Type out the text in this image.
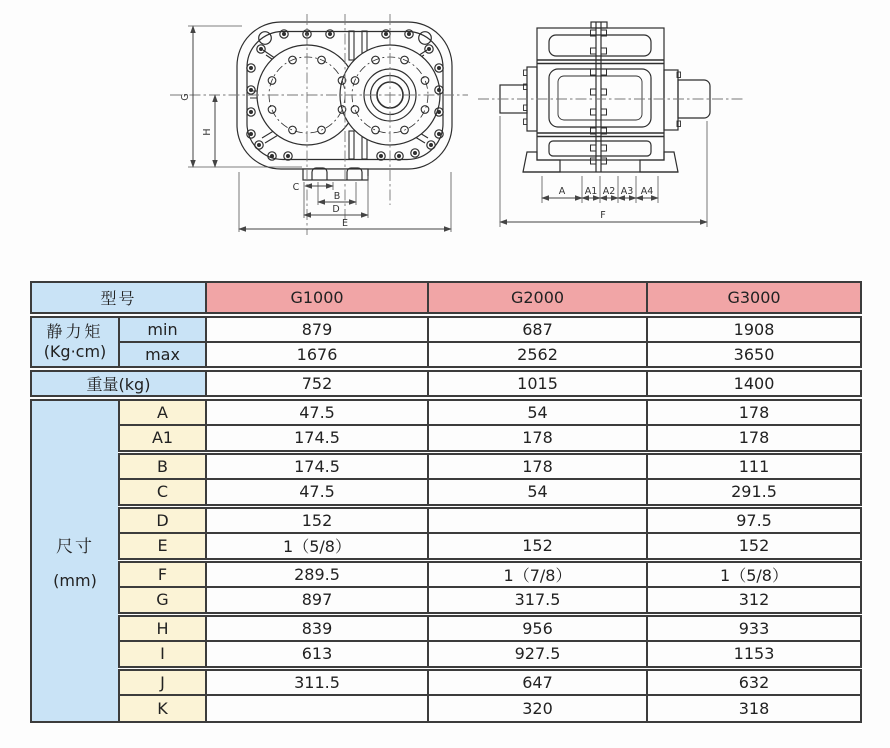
G
H
C
B
D
E
A A1 A2 A3 A4
F
型号		G1000	G2000	G3000

静力矩
(Kg·cm)	min	879	687	1908
	max	1676	2562	3650
重量(kg)		752	1015	1400

尺寸
(mm)	A	47.5	54	178
	A1	174.5	178	178
	B	174.5	178	111
	C	47.5	54	291.5
	D	152		97.5
	E	1（5/8）	152	152
	F	289.5	1（7/8）	1（5/8）
	G	897	317.5	312
	H	839	956	933
	I	613	927.5	1153
	J	311.5	647	632
	K		320	318
